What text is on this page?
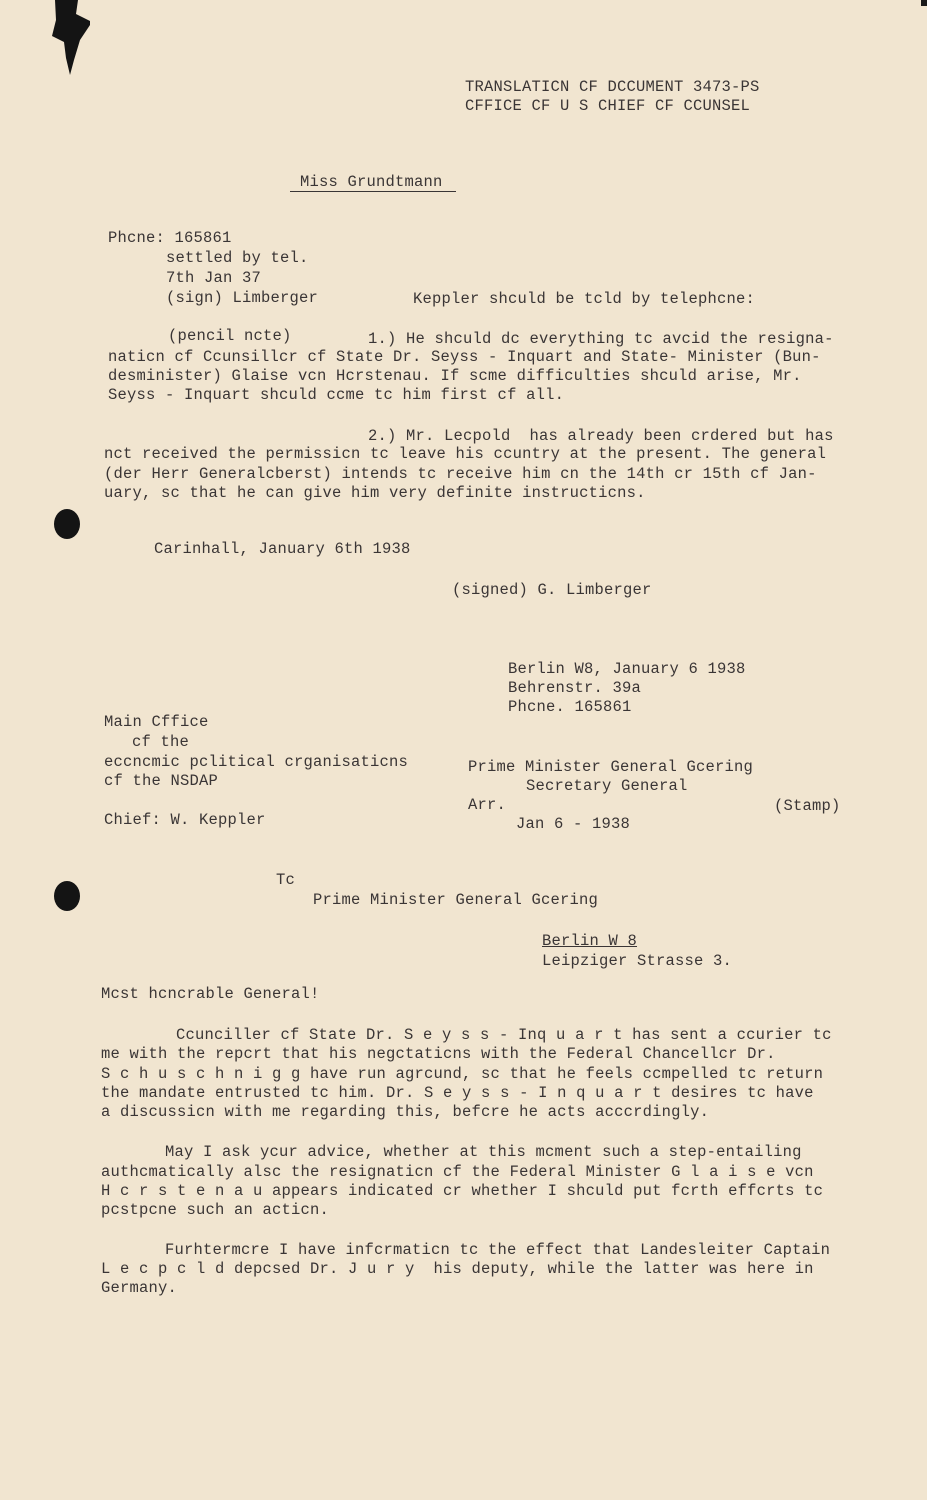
TRANSLATICN CF DCCUMENT 3473-PS
CFFICE CF U S CHIEF CF CCUNSEL
Miss Grundtmann
Phcne: 165861
settled by tel.
7th Jan 37
(sign) Limberger	Keppler shculd be tcld by telephcne:
(pencil ncte)	1.) He shculd dc everything tc avcid the resigna-
naticn cf Ccunsillcr cf State Dr. Seyss - Inquart and State- Minister (Bun-
desminister) Glaise vcn Hcrstenau. If scme difficulties shculd arise, Mr.
Seyss - Inquart shculd ccme tc him first cf all.
2.) Mr. Lecpold  has already been crdered but has
nct received the permissicn tc leave his ccuntry at the present. The general
(der Herr Generalcberst) intends tc receive him cn the 14th cr 15th cf Jan-
uary, sc that he can give him very definite instructicns.
Carinhall, January 6th 1938
(signed) G. Limberger
Berlin W8, January 6 1938
Behrenstr. 39a
Phcne. 165861
Main Cffice
cf the
eccncmic pclitical crganisaticns
cf the NSDAP
Chief: W. Keppler
Prime Minister General Gcering
Secretary General
Arr.
Jan 6 - 1938
(Stamp)
Tc
Prime Minister General Gcering
Berlin W 8
Leipziger Strasse 3.
Mcst hcncrable General!
Ccunciller cf State Dr. S e y s s - Inq u a r t has sent a ccurier tc
me with the repcrt that his negctaticns with the Federal Chancellcr Dr.
S c h u s c h n i g g have run agrcund, sc that he feels ccmpelled tc return
the mandate entrusted tc him. Dr. S e y s s - I n q u a r t desires tc have
a discussicn with me regarding this, befcre he acts acccrdingly.
May I ask ycur advice, whether at this mcment such a step-entailing
authcmatically alsc the resignaticn cf the Federal Minister G l a i s e vcn
H c r s t e n a u appears indicated cr whether I shculd put fcrth effcrts tc
pcstpcne such an acticn.
Furhtermcre I have infcrmaticn tc the effect that Landesleiter Captain
L e c p c l d depcsed Dr. J u r y  his deputy, while the latter was here in
Germany.
